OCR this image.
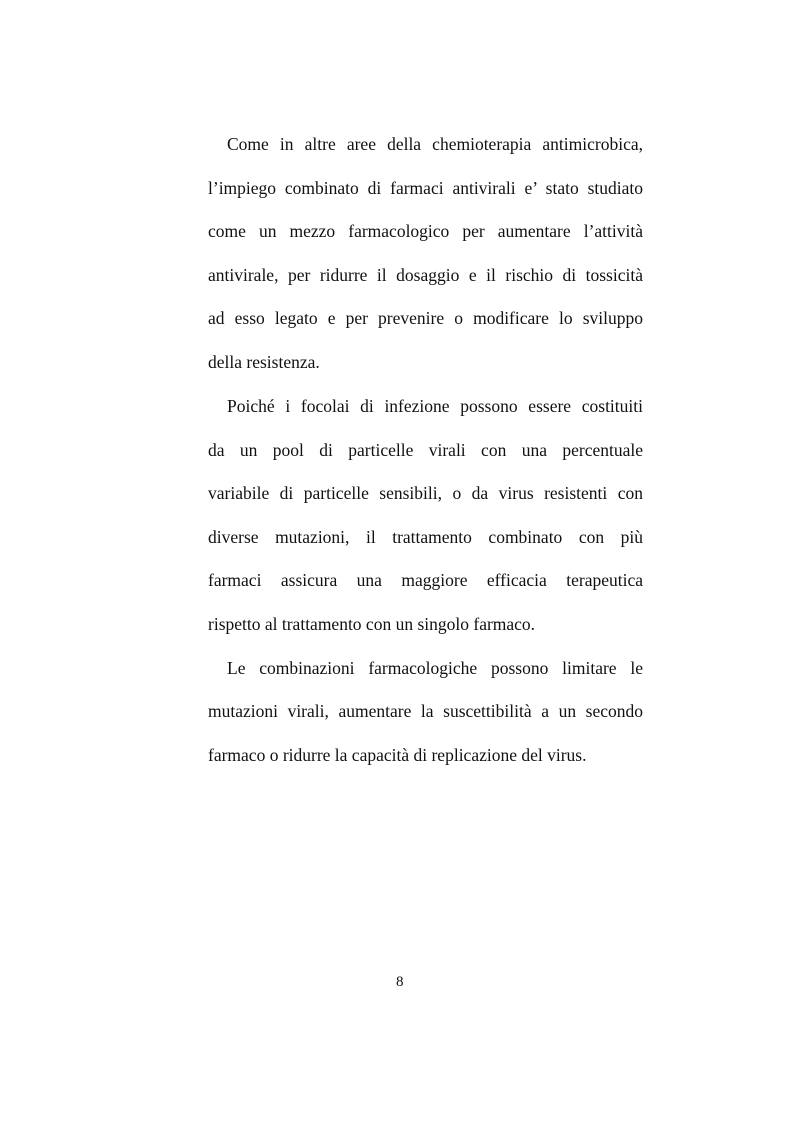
Come in altre aree della chemioterapia antimicrobica,
l’impiego combinato di farmaci antivirali e’ stato studiato
come un mezzo farmacologico per aumentare l’attività
antivirale, per ridurre il dosaggio e il rischio di tossicità
ad esso legato e per prevenire o modificare lo sviluppo
della resistenza.
Poiché i focolai di infezione possono essere costituiti
da un pool di particelle virali con una percentuale
variabile di particelle sensibili, o da virus resistenti con
diverse mutazioni, il trattamento combinato con più
farmaci assicura una maggiore efficacia terapeutica
rispetto al trattamento con un singolo farmaco.
Le combinazioni farmacologiche possono limitare le
mutazioni virali, aumentare la suscettibilità a un secondo
farmaco o ridurre la capacità di replicazione del virus.
8
